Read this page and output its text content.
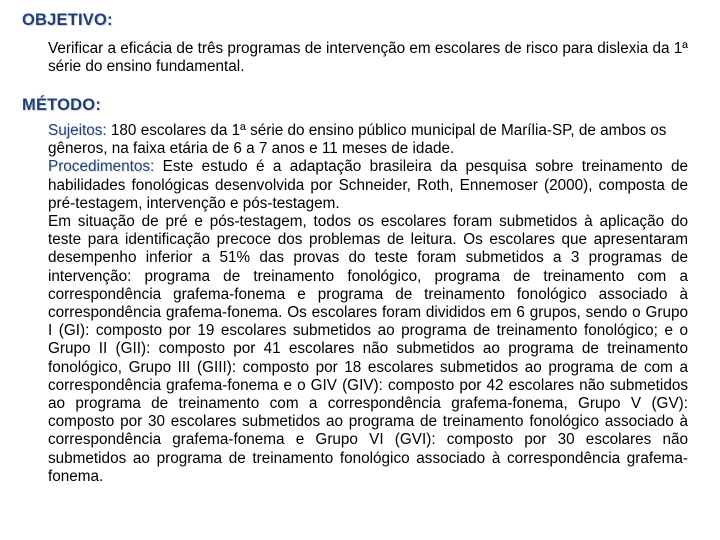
OBJETIVO:
Verificar a eficácia de três programas de intervenção em escolares de risco para dislexia da 1ª série do ensino fundamental.
MÉTODO:

Sujeitos: 180 escolares da 1ª série do ensino público municipal de Marília-SP, de ambos os gêneros, na faixa etária de 6 a 7 anos e 11 meses de idade.

Procedimentos: Este estudo é a adaptação brasileira da pesquisa sobre treinamento de habilidades fonológicas desenvolvida por Schneider, Roth, Ennemoser (2000), composta de pré-testagem, intervenção e pós-testagem.

Em situação de pré e pós-testagem, todos os escolares foram submetidos à aplicação do teste para identificação precoce dos problemas de leitura. Os escolares que apresentaram desempenho inferior a 51% das provas do teste foram submetidos a 3 programas de intervenção: programa de treinamento fonológico, programa de treinamento com a correspondência grafema-fonema e programa de treinamento fonológico associado à correspondência grafema-fonema. Os escolares foram divididos em 6 grupos, sendo o Grupo I (GI): composto por 19 escolares submetidos ao programa de treinamento fonológico; e o Grupo II (GII): composto por 41 escolares não submetidos ao programa de treinamento fonológico, Grupo III (GIII): composto por 18 escolares submetidos ao programa de com a correspondência grafema-fonema e o GIV (GIV): composto por 42 escolares não submetidos ao programa de treinamento com a correspondência grafema-fonema, Grupo V (GV): composto por 30 escolares submetidos ao programa de treinamento fonológico associado à correspondência grafema-fonema e Grupo VI (GVI): composto por 30 escolares não submetidos ao programa de treinamento fonológico associado à correspondência grafema-fonema.
